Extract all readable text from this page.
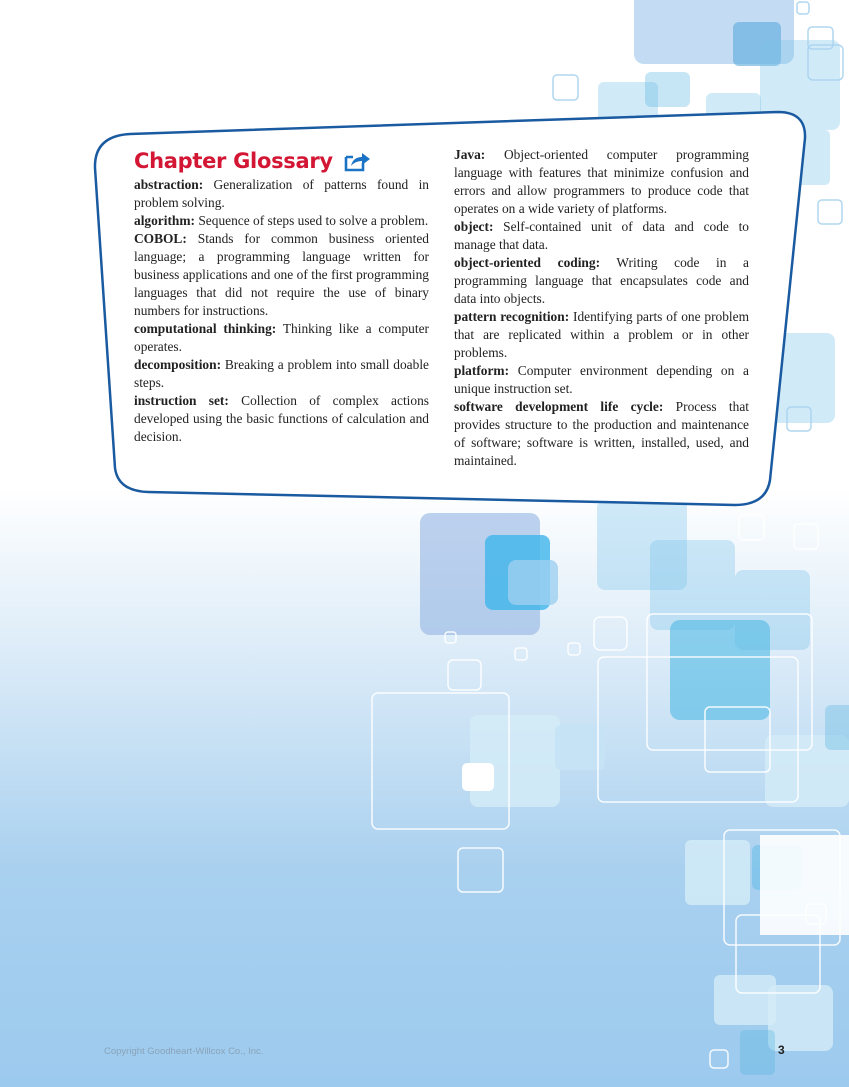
Chapter Glossary

abstraction: Generalization of patterns found in problem solving.

algorithm: Sequence of steps used to solve a problem.

COBOL: Stands for common business oriented language; a programming language written for business applications and one of the first programming languages that did not require the use of binary numbers for instructions.

computational thinking: Thinking like a computer operates.

decomposition: Breaking a problem into small doable steps.

instruction set: Collection of complex actions developed using the basic functions of calculation and decision.

Java: Object-oriented computer programming language with features that minimize confusion and errors and allow programmers to produce code that operates on a wide variety of platforms.

object: Self-contained unit of data and code to manage that data.

object-oriented coding: Writing code in a programming language that encapsulates code and data into objects.

pattern recognition: Identifying parts of one problem that are replicated within a problem or in other problems.

platform: Computer environment depending on a unique instruction set.

software development life cycle: Process that provides structure to the production and maintenance of software; software is written, installed, used, and maintained.

Copyright Goodheart-Willcox Co., Inc.	3
